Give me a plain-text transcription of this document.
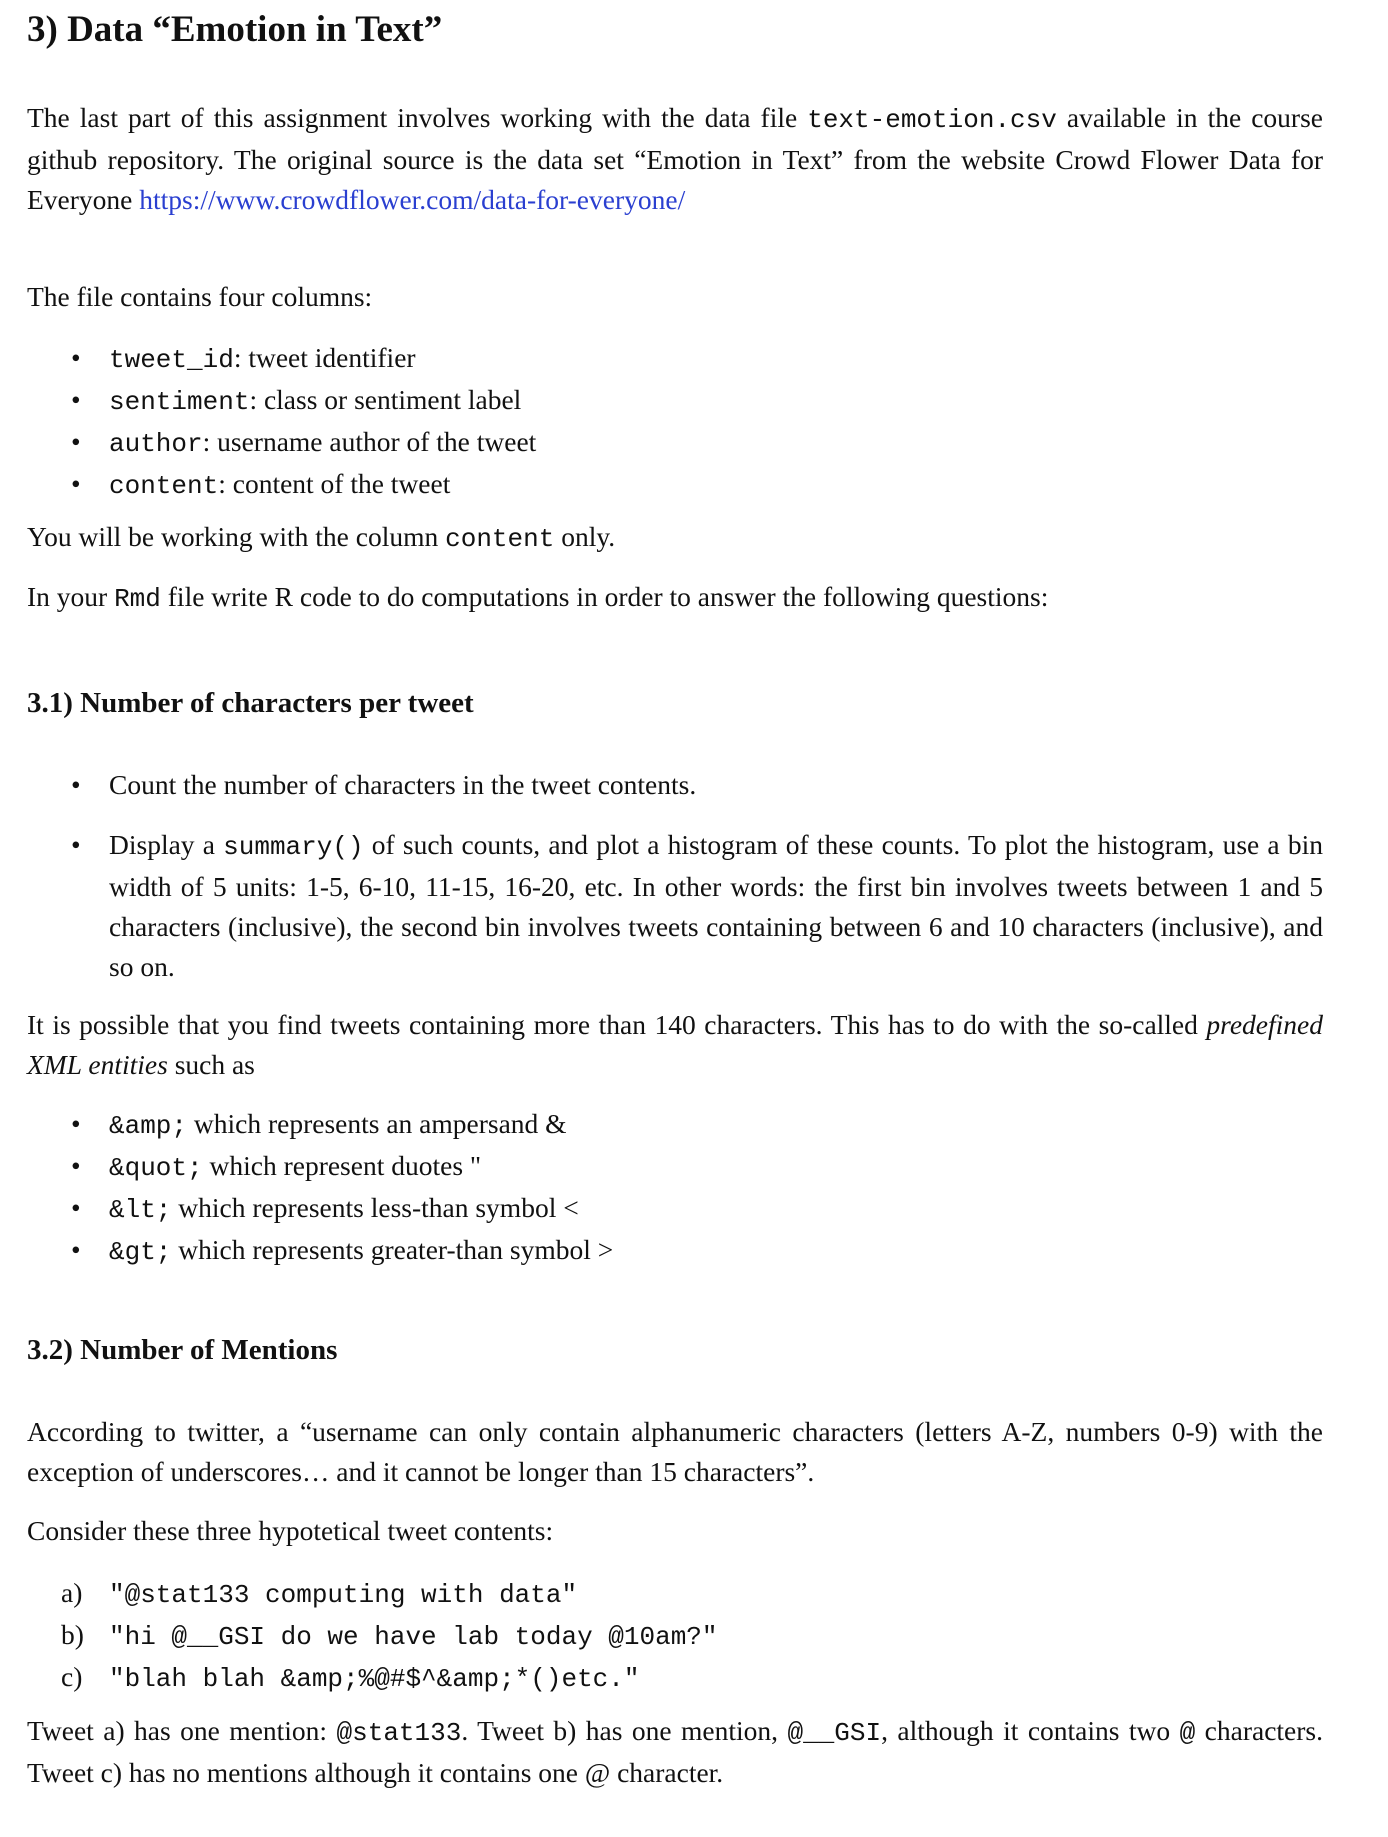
3) Data “Emotion in Text”

The last part of this assignment involves working with the data file text-emotion.csv available in the course github repository. The original source is the data set “Emotion in Text” from the website Crowd Flower Data for Everyone https://www.crowdflower.com/data-for-everyone/

The file contains four columns:

• tweet_id: tweet identifier
• sentiment: class or sentiment label
• author: username author of the tweet
• content: content of the tweet

You will be working with the column content only.

In your Rmd file write R code to do computations in order to answer the following questions:

3.1) Number of characters per tweet
• Count the number of characters in the tweet contents.
• Display a summary() of such counts, and plot a histogram of these counts. To plot the histogram, use a bin width of 5 units: 1-5, 6-10, 11-15, 16-20, etc. In other words: the first bin involves tweets between 1 and 5 characters (inclusive), the second bin involves tweets containing between 6 and 10 characters (inclusive), and so on.

It is possible that you find tweets containing more than 140 characters. This has to do with the so-called predefined XML entities such as

• &amp; which represents an ampersand &
• &quot; which represent duotes "
• &lt; which represents less-than symbol <
• &gt; which represents greater-than symbol >
3.2) Number of Mentions

According to twitter, a “username can only contain alphanumeric characters (letters A-Z, numbers 0-9) with the exception of underscores… and it cannot be longer than 15 characters”.

Consider these three hypotetical tweet contents:

a) "@stat133 computing with data"
b) "hi @__GSI do we have lab today @10am?"
c) "blah blah &amp;%@#$^&amp;*()etc."

Tweet a) has one mention: @stat133. Tweet b) has one mention, @__GSI, although it contains two @ characters. Tweet c) has no mentions although it contains one @ character.
